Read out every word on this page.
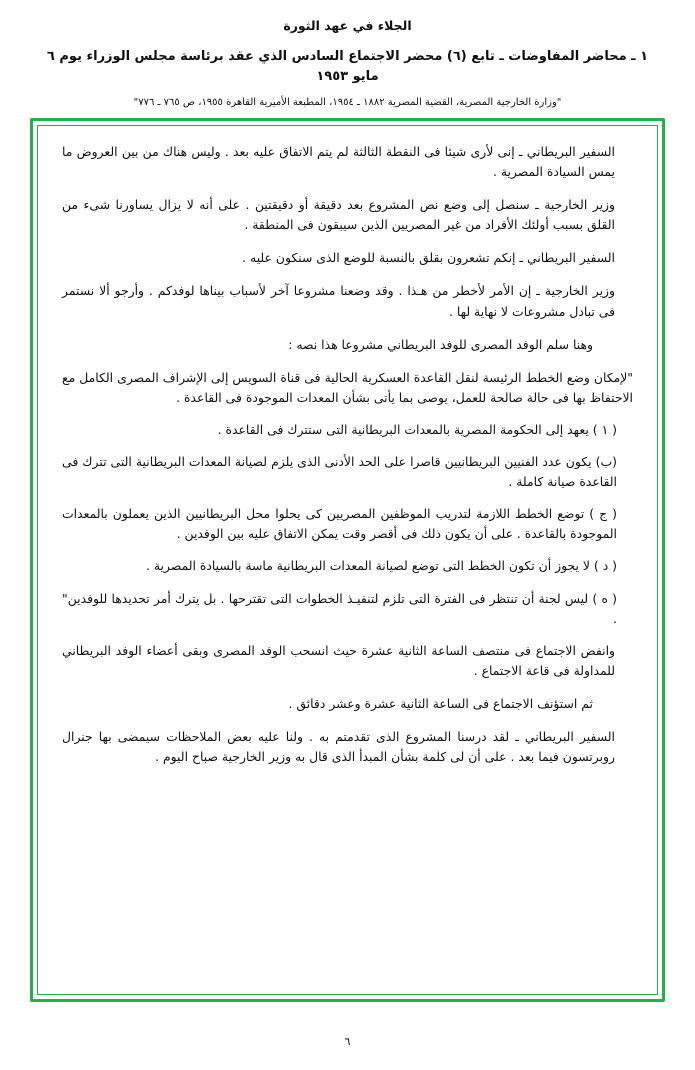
الجلاء في عهد الثورة
١ ـ محاضر المفاوضات ـ تابع (٦) محضر الاجتماع السادس الذي عقد برئاسة مجلس الوزراء يوم ٦ مايو ١٩٥٣
"وزارة الخارجية المصرية، القضية المصرية ١٨٨٢ ـ ١٩٥٤، المطبعة الأميرية القاهرة ١٩٥٥، ص ٧٦٥ ـ ٧٧٦"

السفير البريطاني ـ إنى لأرى شيئا فى النقطة الثالثة لم يتم الاتفاق عليه بعد . وليس هناك من بين العروض ما يمس السيادة المصرية .

وزير الخارجية ـ سنصل إلى وضع نص المشروع بعد دقيقة أو دقيقتين . على أنه لا يزال يساورنا شىء من القلق بسبب أولئك الأفراد من غير المصريين الذين سيبقون فى المنطقة .

السفير البريطاني ـ إنكم تشعرون بقلق بالنسبة للوضع الذى سنكون عليه .

وزير الخارجية ـ إن الأمر لأخطر من هـذا . وقد وضعنا مشروعا آخر لأسباب بيناها لوفدكم . وأرجو ألا نستمر فى تبادل مشروعات لا نهاية لها .

وهنا سلم الوفد المصرى للوفد البريطاني مشروعا هذا نصه :

"لإمكان وضع الخطط الرئيسة لنقل القاعدة العسكرية الحالية فى قناة السويس إلى الإشراف المصرى الكامل مع الاحتفاظ بها فى حالة صالحة للعمل، يوصى بما يأتى بشأن المعدات الموجودة فى القاعدة .

( ١ ) يعهد إلى الحكومة المصرية بالمعدات البريطانية التى ستترك فى القاعدة .

(ب) يكون عدد الفنيين البريطانيين قاصرا على الحد الأدنى الذى يلزم لصيانة المعدات البريطانية التى تترك فى القاعدة صيانة كاملة .

( ج ) توضع الخطط اللازمة لتدريب الموظفين المصريين كى يحلوا محل البريطانيين الذين يعملون بالمعدات الموجودة بالقاعدة . على أن يكون ذلك فى أقصر وقت يمكن الاتفاق عليه بين الوفدين .

( د ) لا يجوز أن تكون الخطط التى توضع لصيانة المعدات البريطانية ماسة بالسيادة المصرية .

( ه ) ليس لجنة أن تنتظر فى الفترة التى تلزم لتنفيـذ الخطوات التى تقترحها . بل يترك أمر تحديدها للوفدين" .

وانفض الاجتماع فى منتصف الساعة الثانية عشرة حيث انسحب الوفد المصرى وبقى أعضاء الوفد البريطاني للمداولة فى قاعة الاجتماع .

ثم استؤنف الاجتماع فى الساعة الثانية عشرة وعشر دقائق .

السفير البريطاني ـ لقد درسنا المشروع الذى تقدمتم به . ولنا عليه بعض الملاحظات سيمضى بها جنرال روبرتسون فيما بعد . على أن لى كلمة بشأن المبدأ الذى قال به وزير الخارجية صباح اليوم .

٦
